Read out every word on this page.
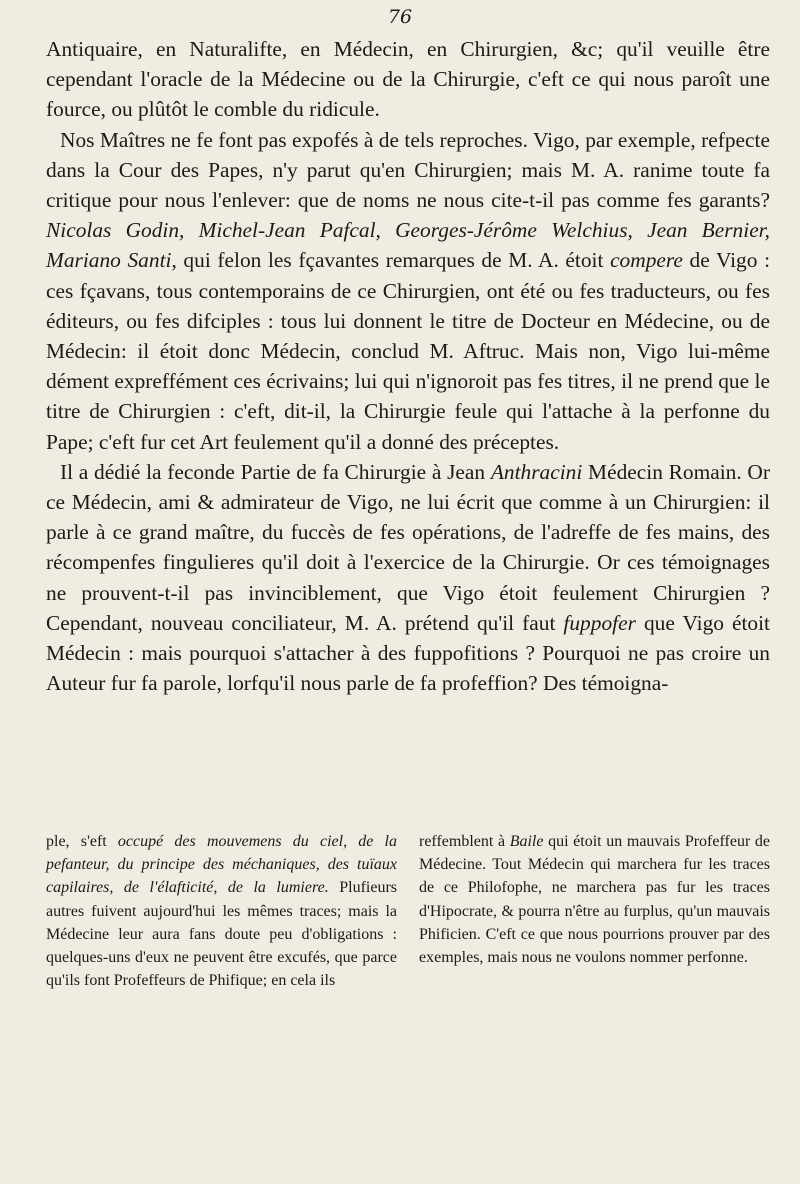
76

Antiquaire, en Naturalifte, en Médecin, en Chirurgien, &c; qu'il veuille être cependant l'oracle de la Médecine ou de la Chirurgie, c'eft ce qui nous paroît une fource, ou plûtôt le comble du ridicule.

Nos Maîtres ne fe font pas expofés à de tels reproches. Vigo, par exemple, refpecte dans la Cour des Papes, n'y parut qu'en Chirurgien; mais M. A. ranime toute fa critique pour nous l'enlever: que de noms ne nous cite-t-il pas comme fes garants? Nicolas Godin, Michel-Jean Pafcal, Georges-Jérôme Welchius, Jean Bernier, Mariano Santi, qui felon les fçavantes remarques de M. A. étoit compere de Vigo : ces fçavans, tous contemporains de ce Chirurgien, ont été ou fes traducteurs, ou fes éditeurs, ou fes difciples : tous lui donnent le titre de Docteur en Médecine, ou de Médecin: il étoit donc Médecin, conclud M. Aftruc. Mais non, Vigo lui-même dément expreffément ces écrivains; lui qui n'ignoroit pas fes titres, il ne prend que le titre de Chirurgien : c'eft, dit-il, la Chirurgie feule qui l'attache à la perfonne du Pape; c'eft fur cet Art feulement qu'il a donné des préceptes.

Il a dédié la feconde Partie de fa Chirurgie à Jean Anthracini Médecin Romain. Or ce Médecin, ami & admirateur de Vigo, ne lui écrit que comme à un Chirurgien: il parle à ce grand maître, du fuccès de fes opérations, de l'adreffe de fes mains, des récompenfes fingulieres qu'il doit à l'exercice de la Chirurgie. Or ces témoignages ne prouvent-t-il pas invinciblement, que Vigo étoit feulement Chirurgien ? Cependant, nouveau conciliateur, M. A. prétend qu'il faut fuppofer que Vigo étoit Médecin : mais pourquoi s'attacher à des fuppofitions ? Pourquoi ne pas croire un Auteur fur fa parole, lorfqu'il nous parle de fa profeffion? Des témoigna-

ple, s'eft occupé des mouvemens du ciel, de la pefanteur, du principe des méchaniques, des tuïaux capilaires, de l'élafticité, de la lumiere. Plufieurs autres fuivent aujourd'hui les mêmes traces; mais la Médecine leur aura fans doute peu d'obligations : quelques-uns d'eux ne peuvent être excufés, que parce qu'ils font Profeffeurs de Phifique; en cela ils

reffemblent à Baile qui étoit un mauvais Profeffeur de Médecine. Tout Médecin qui marchera fur les traces de ce Philofophe, ne marchera pas fur les traces d'Hipocrate, & pourra n'être au furplus, qu'un mauvais Phificien. C'eft ce que nous pourrions prouver par des exemples, mais nous ne voulons nommer perfonne.
